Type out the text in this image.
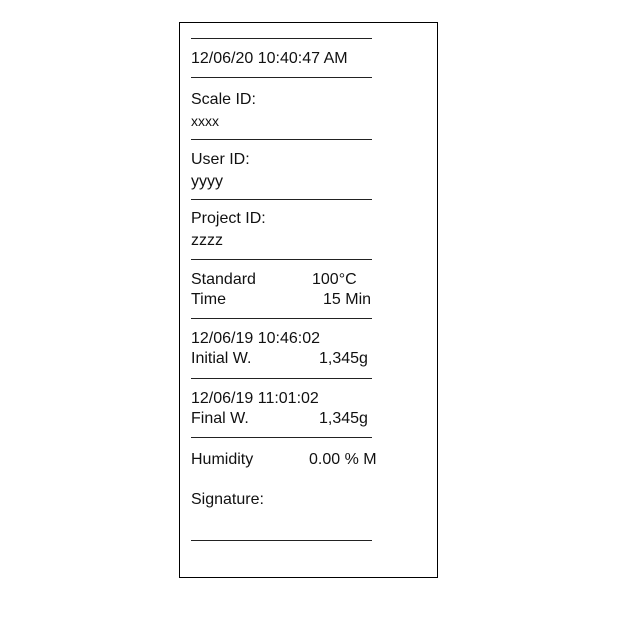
12/06/20 10:40:47 AM
Scale ID:
xxxx
User ID:
yyyy
Project ID:
zzzz
Standard	100°C
Time	15 Min
12/06/19 10:46:02
Initial W.	1,345g
12/06/19 11:01:02
Final W.	1,345g
Humidity	0.00 % M
Signature:
